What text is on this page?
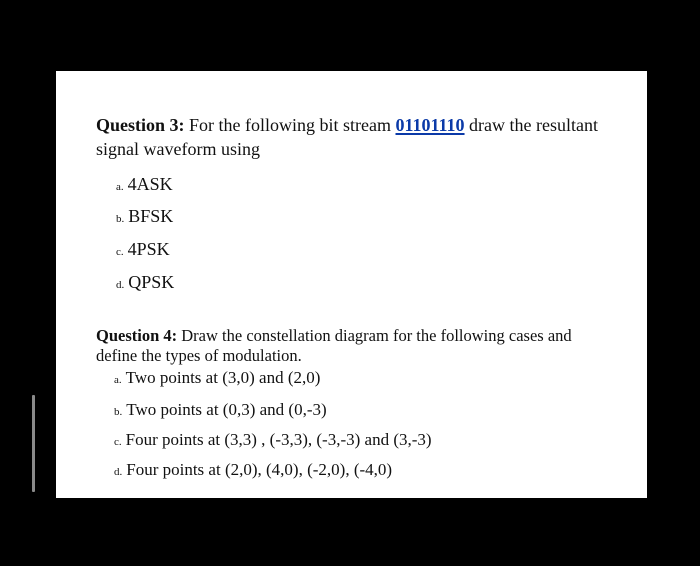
Question 3: For the following bit stream 01101110 draw the resultant signal waveform using

a. 4ASK
b. BFSK
c. 4PSK
d. QPSK

Question 4: Draw the constellation diagram for the following cases and define the types of modulation.

a. Two points at (3,0) and (2,0)
b. Two points at (0,3) and (0,-3)
c. Four points at (3,3) , (-3,3), (-3,-3) and (3,-3)
d. Four points at (2,0), (4,0), (-2,0), (-4,0)
